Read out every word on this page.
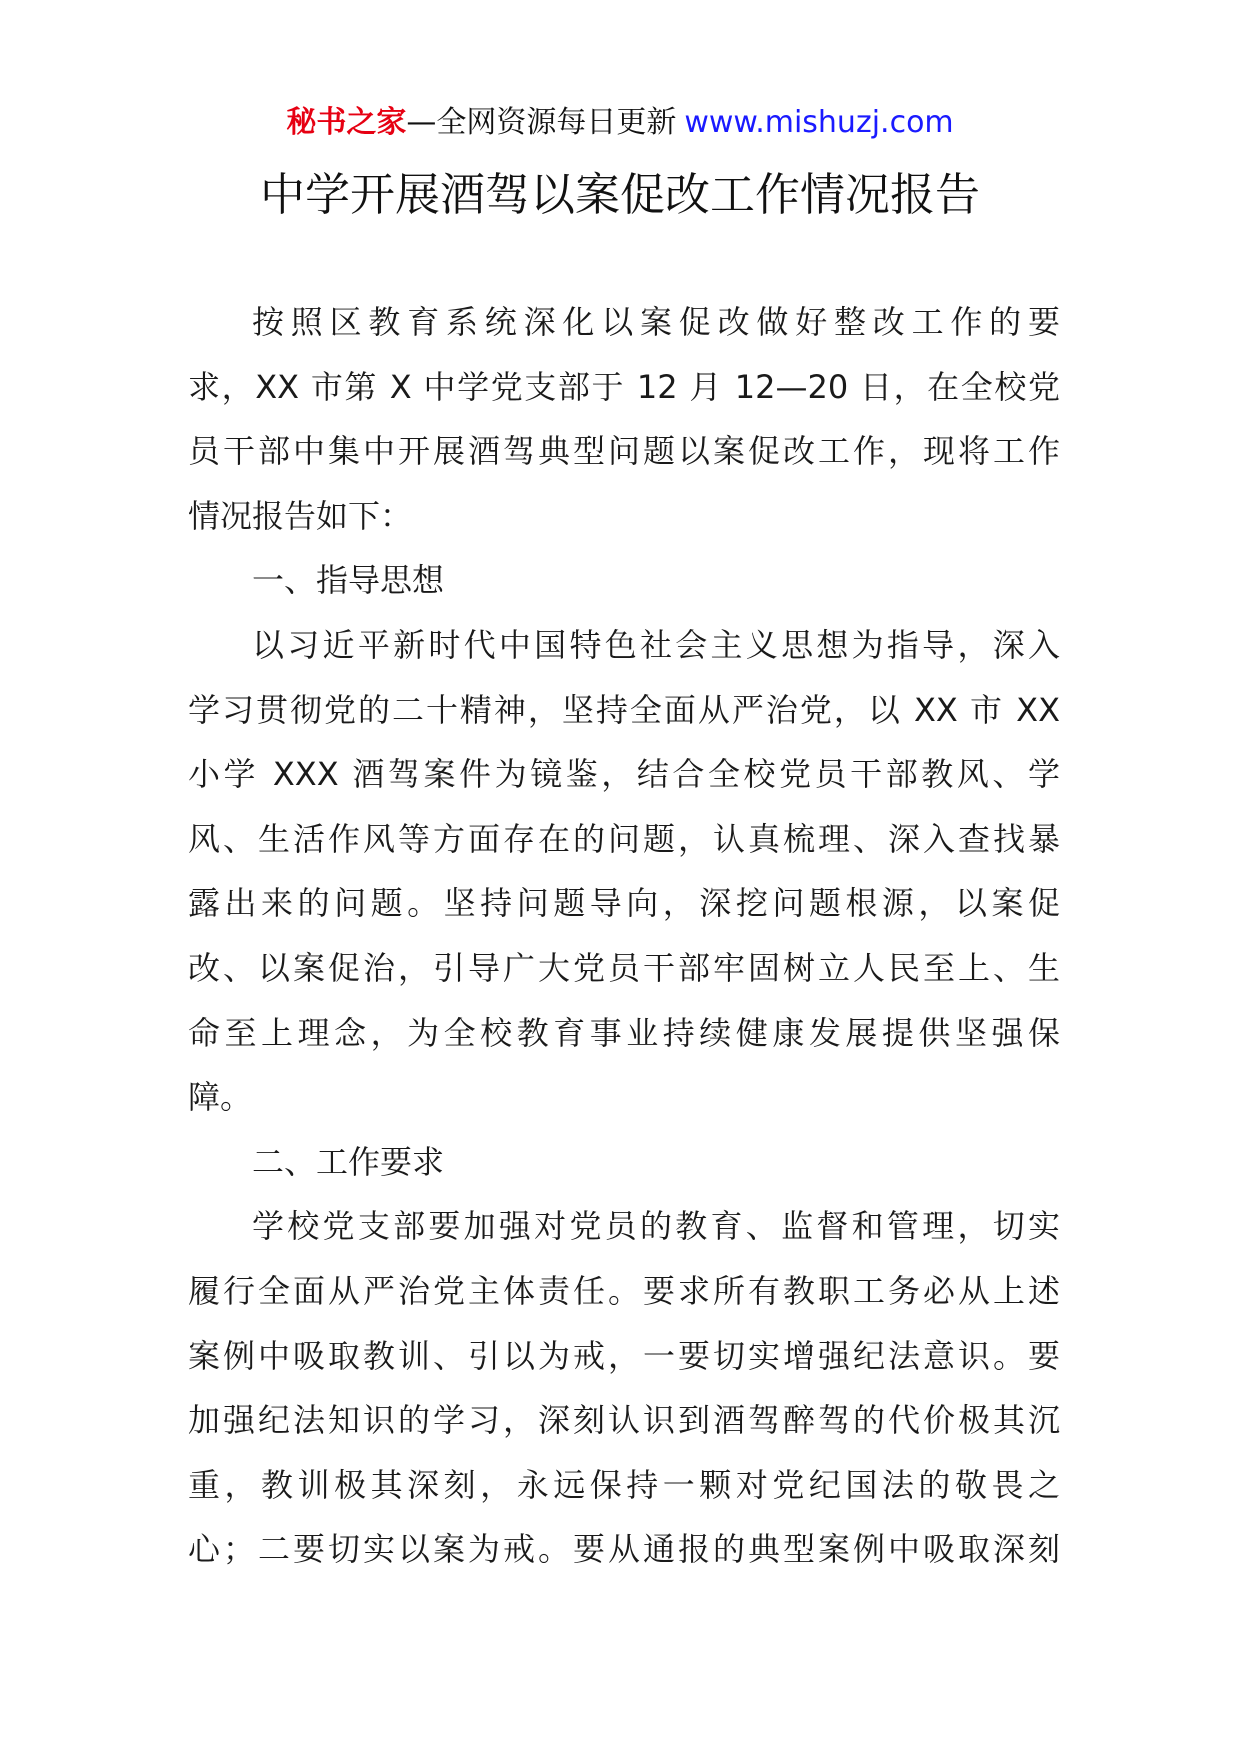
秘书之家—全网资源每日更新 www.mishuzj.com
中学开展酒驾以案促改工作情况报告
按照区教育系统深化以案促改做好整改工作的要
求，XX 市第 X 中学党支部于 12 月 12—20 日，在全校党
员干部中集中开展酒驾典型问题以案促改工作，现将工作
情况报告如下：
一、指导思想
以习近平新时代中国特色社会主义思想为指导，深入
学习贯彻党的二十精神，坚持全面从严治党，以 XX 市 XX
小学 XXX 酒驾案件为镜鉴，结合全校党员干部教风、学
风、生活作风等方面存在的问题，认真梳理、深入查找暴
露出来的问题。坚持问题导向，深挖问题根源，以案促
改、以案促治，引导广大党员干部牢固树立人民至上、生
命至上理念，为全校教育事业持续健康发展提供坚强保
障。
二、工作要求
学校党支部要加强对党员的教育、监督和管理，切实
履行全面从严治党主体责任。要求所有教职工务必从上述
案例中吸取教训、引以为戒，一要切实增强纪法意识。要
加强纪法知识的学习，深刻认识到酒驾醉驾的代价极其沉
重，教训极其深刻，永远保持一颗对党纪国法的敬畏之
心；二要切实以案为戒。要从通报的典型案例中吸取深刻
